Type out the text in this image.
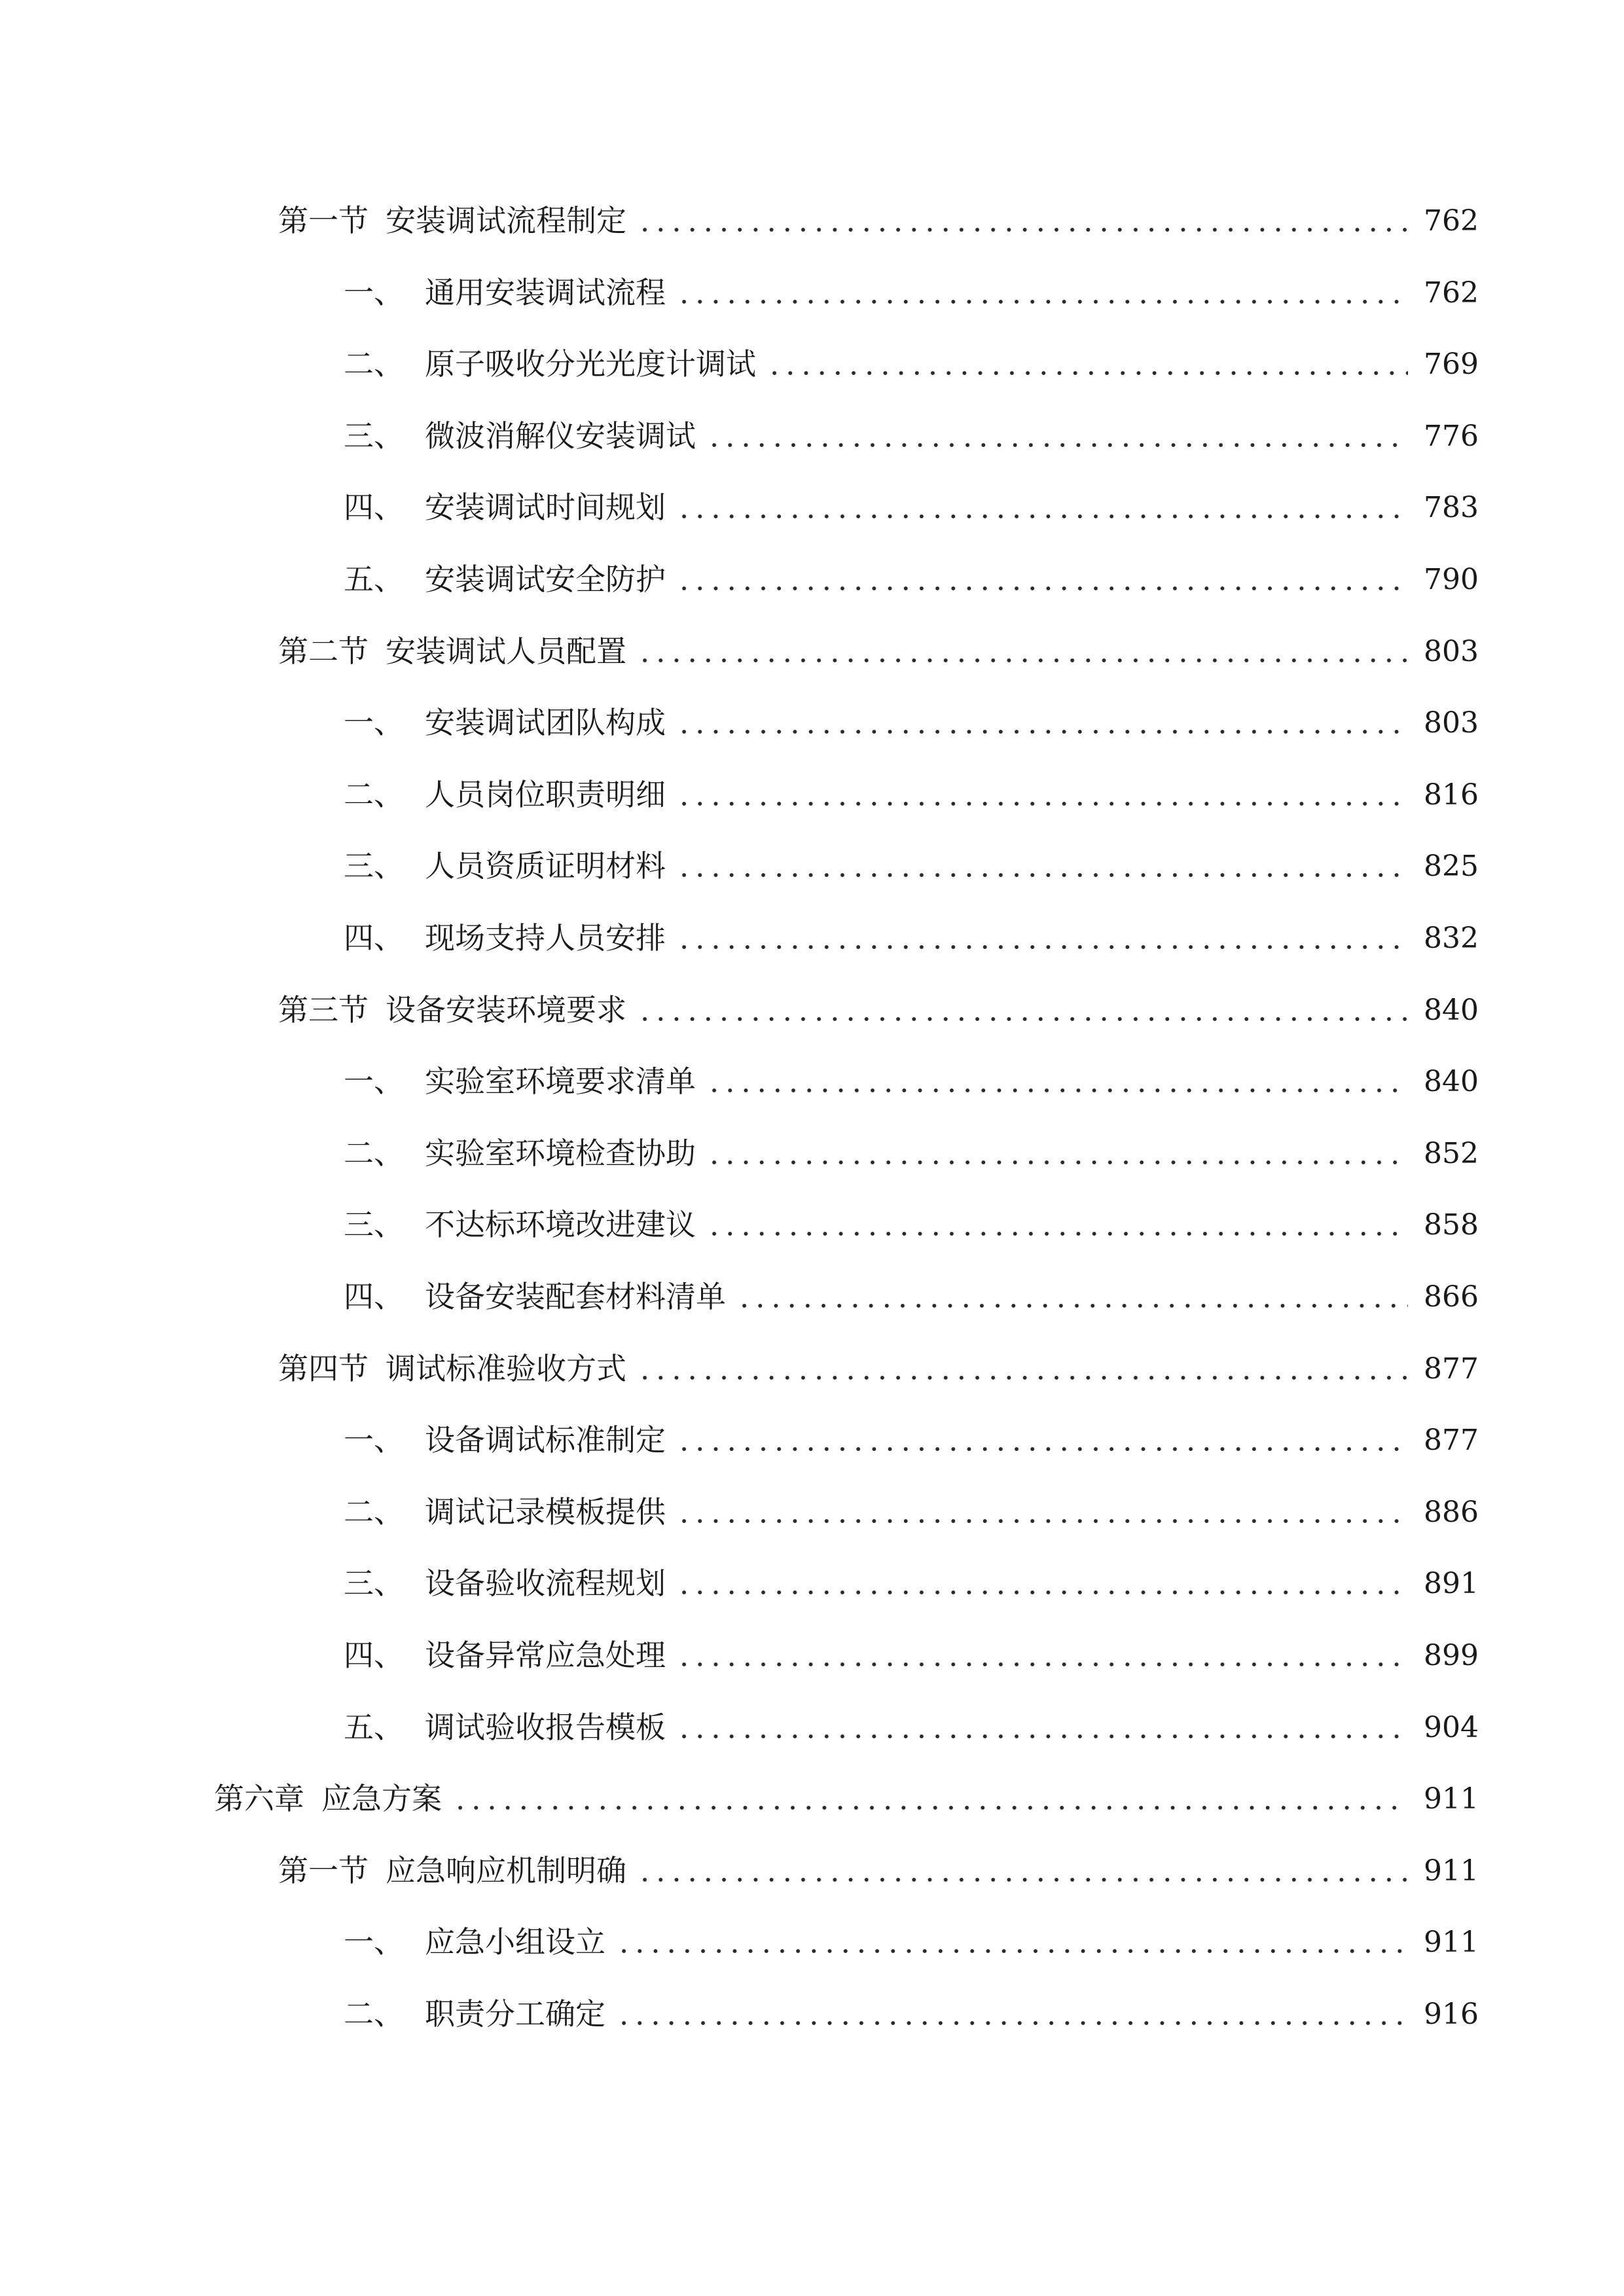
第一节 安装调试流程制定	762
一、 通用安装调试流程	762
二、 原子吸收分光光度计调试	769
三、 微波消解仪安装调试	776
四、 安装调试时间规划	783
五、 安装调试安全防护	790
第二节 安装调试人员配置	803
一、 安装调试团队构成	803
二、 人员岗位职责明细	816
三、 人员资质证明材料	825
四、 现场支持人员安排	832
第三节 设备安装环境要求	840
一、 实验室环境要求清单	840
二、 实验室环境检查协助	852
三、 不达标环境改进建议	858
四、 设备安装配套材料清单	866
第四节 调试标准验收方式	877
一、 设备调试标准制定	877
二、 调试记录模板提供	886
三、 设备验收流程规划	891
四、 设备异常应急处理	899
五、 调试验收报告模板	904
第六章 应急方案	911
第一节 应急响应机制明确	911
一、 应急小组设立	911
二、 职责分工确定	916
